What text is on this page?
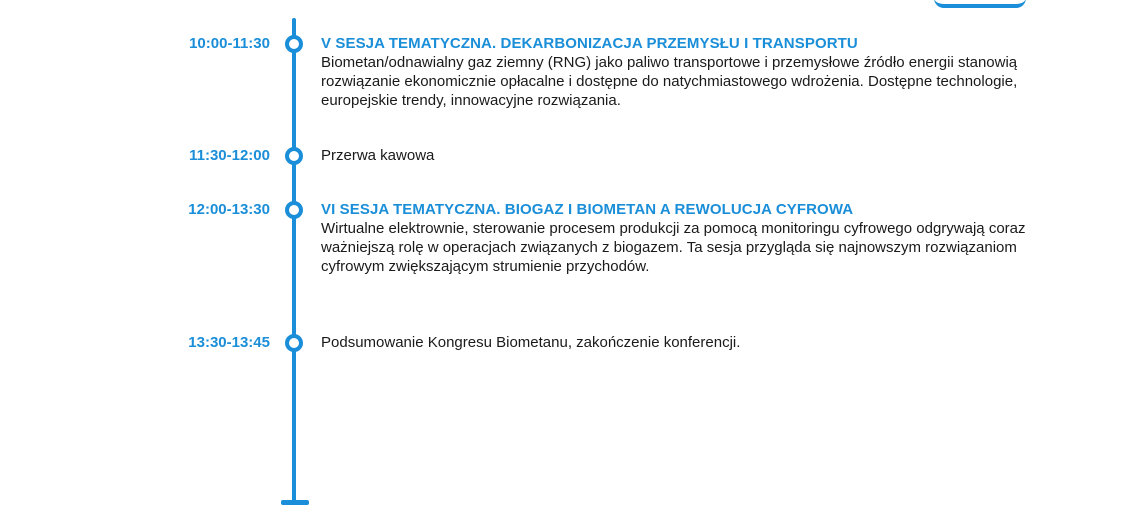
10:00-11:30	V SESJA TEMATYCZNA. DEKARBONIZACJA PRZEMYSŁU I TRANSPORTU
Biometan/odnawialny gaz ziemny (RNG) jako paliwo transportowe i przemysłowe źródło energii stanowią rozwiązanie ekonomicznie opłacalne i dostępne do natychmiastowego wdrożenia. Dostępne technologie, europejskie trendy, innowacyjne rozwiązania.
11:30-12:00	Przerwa kawowa
12:00-13:30	VI SESJA TEMATYCZNA. BIOGAZ I BIOMETAN A REWOLUCJA CYFROWA
Wirtualne elektrownie, sterowanie procesem produkcji za pomocą monitoringu cyfrowego odgrywają coraz ważniejszą rolę w operacjach związanych z biogazem. Ta sesja przygląda się najnowszym rozwiązaniom cyfrowym zwiększającym strumienie przychodów.
13:30-13:45	Podsumowanie Kongresu Biometanu, zakończenie konferencji.
